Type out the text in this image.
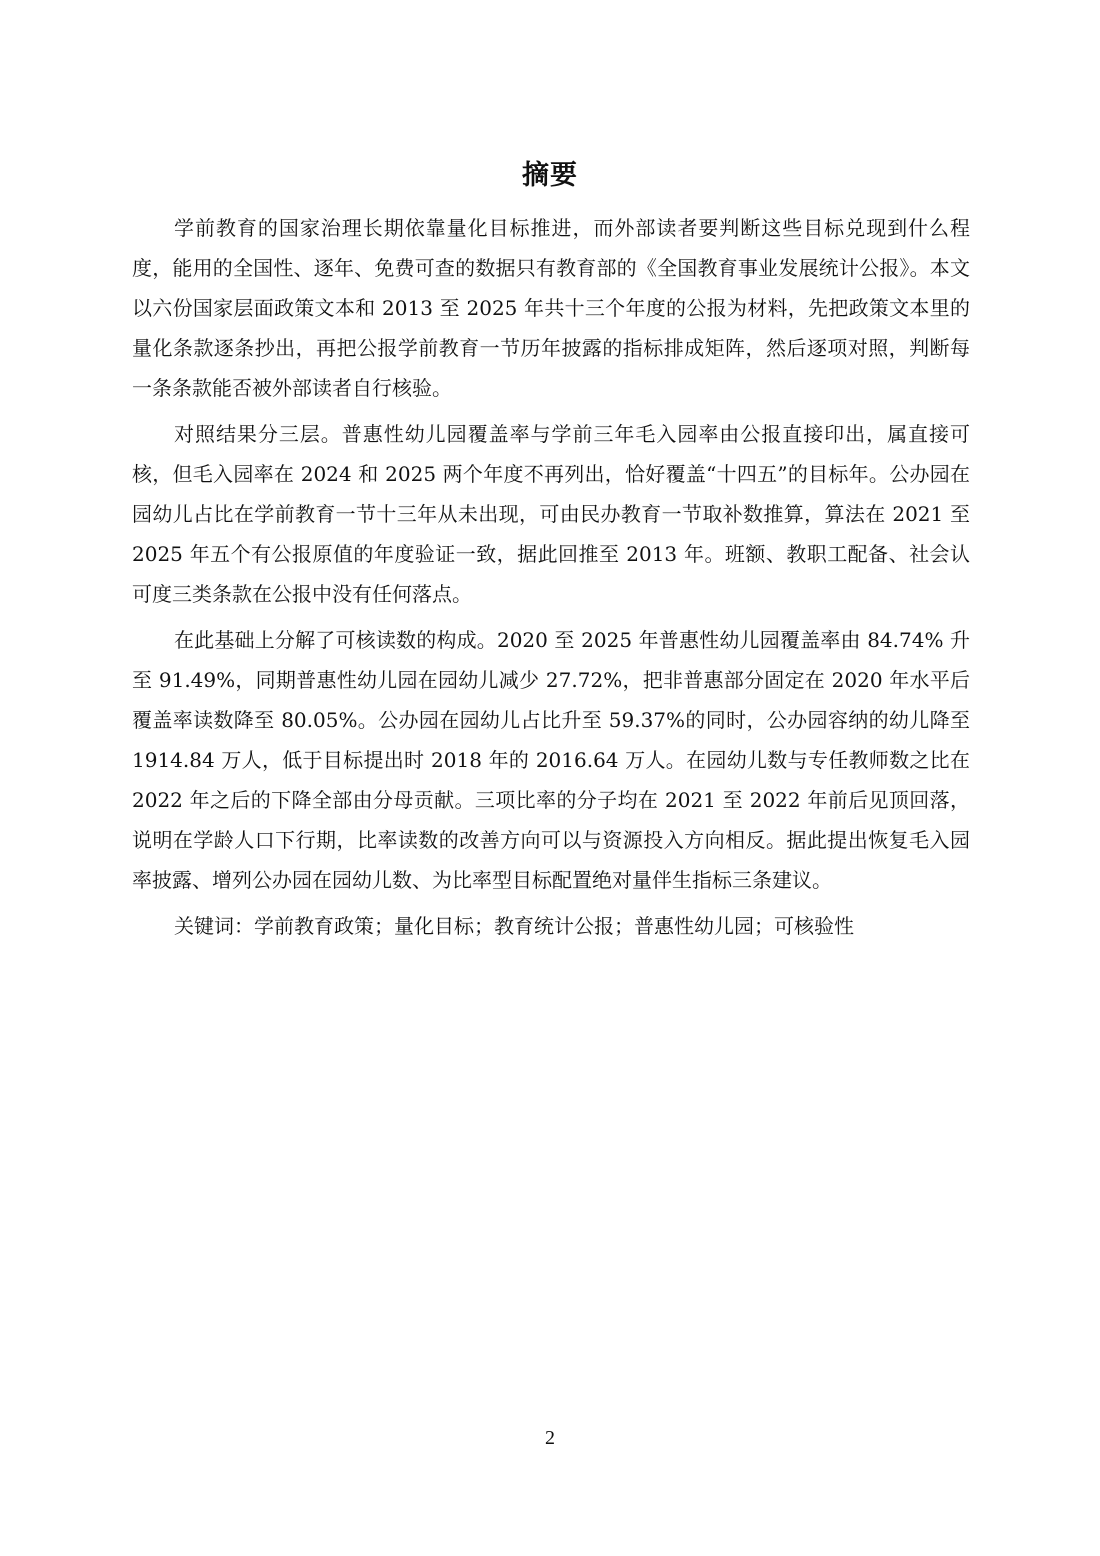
摘要

学前教育的国家治理长期依靠量化目标推进，而外部读者要判断这些目标兑现到什么程度，能用的全国性、逐年、免费可查的数据只有教育部的《全国教育事业发展统计公报》。本文以六份国家层面政策文本和 2013 至 2025 年共十三个年度的公报为材料，先把政策文本里的量化条款逐条抄出，再把公报学前教育一节历年披露的指标排成矩阵，然后逐项对照，判断每一条条款能否被外部读者自行核验。

对照结果分三层。普惠性幼儿园覆盖率与学前三年毛入园率由公报直接印出，属直接可核，但毛入园率在 2024 和 2025 两个年度不再列出，恰好覆盖“十四五”的目标年。公办园在园幼儿占比在学前教育一节十三年从未出现，可由民办教育一节取补数推算，算法在 2021 至 2025 年五个有公报原值的年度验证一致，据此回推至 2013 年。班额、教职工配备、社会认可度三类条款在公报中没有任何落点。

在此基础上分解了可核读数的构成。2020 至 2025 年普惠性幼儿园覆盖率由 84.74% 升至 91.49%，同期普惠性幼儿园在园幼儿减少 27.72%，把非普惠部分固定在 2020 年水平后覆盖率读数降至 80.05%。公办园在园幼儿占比升至 59.37%的同时，公办园容纳的幼儿降至 1914.84 万人，低于目标提出时 2018 年的 2016.64 万人。在园幼儿数与专任教师数之比在 2022 年之后的下降全部由分母贡献。三项比率的分子均在 2021 至 2022 年前后见顶回落，说明在学龄人口下行期，比率读数的改善方向可以与资源投入方向相反。据此提出恢复毛入园率披露、增列公办园在园幼儿数、为比率型目标配置绝对量伴生指标三条建议。

关键词：学前教育政策；量化目标；教育统计公报；普惠性幼儿园；可核验性

2
